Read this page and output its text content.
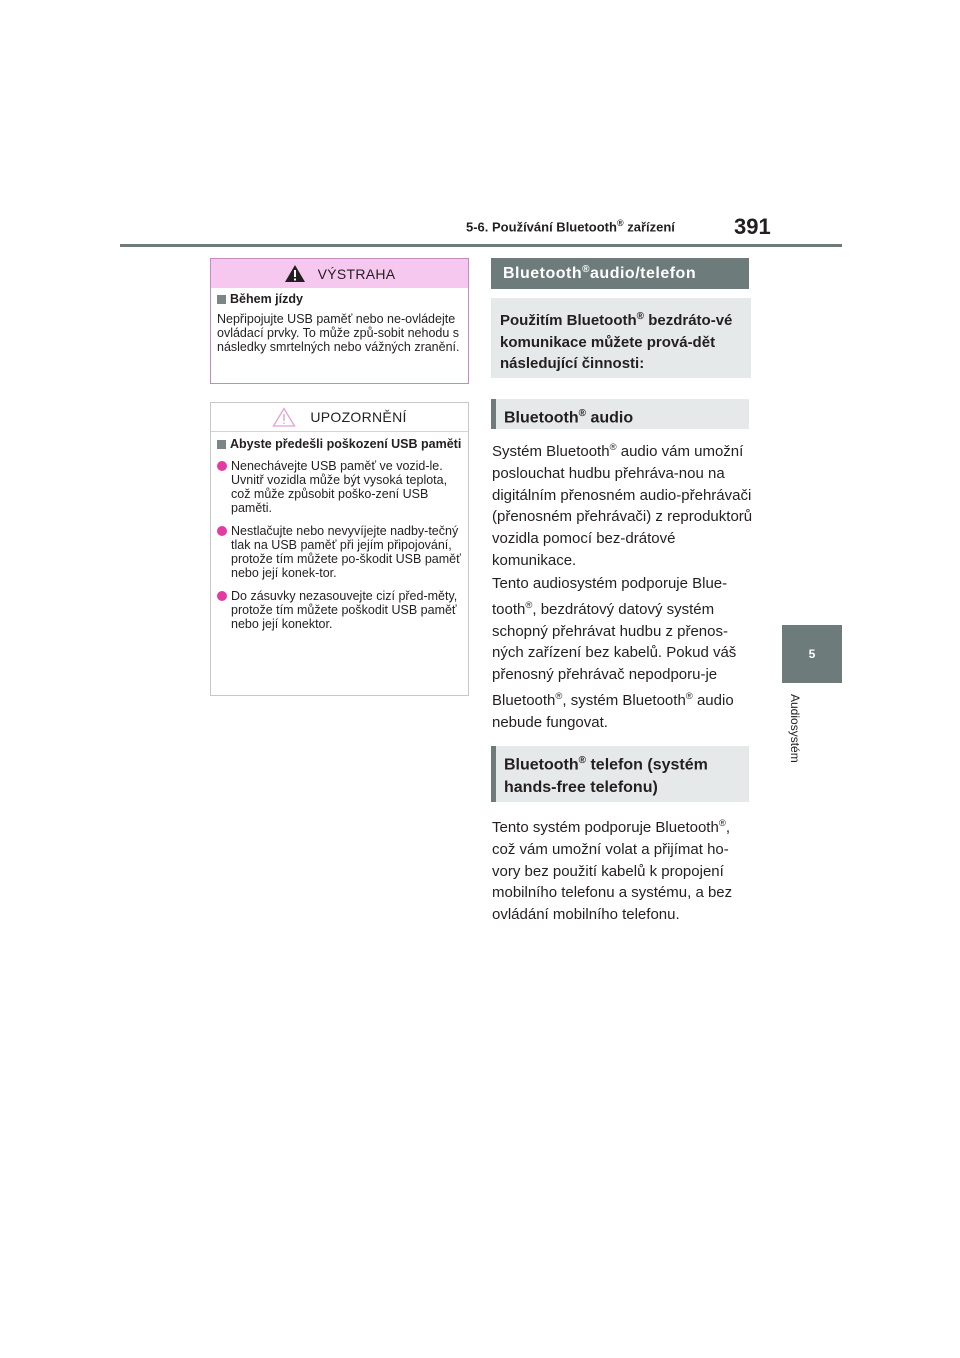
5-6. Používání Bluetooth® zařízení	391
5
Audiosystém
VÝSTRAHA
Během jízdy
Nepřipojujte USB paměť nebo ne-ovládejte ovládací prvky. To může způ-sobit nehodu s následky smrtelných nebo vážných zranění.
UPOZORNĚNÍ
Abyste předešli poškození USB paměti
Nenechávejte USB paměť ve vozid-le. Uvnitř vozidla může být vysoká teplota, což může způsobit poško-zení USB paměti.
Nestlačujte nebo nevyvíjejte nadby-tečný tlak na USB paměť při jejím připojování, protože tím můžete po-škodit USB paměť nebo její konek-tor.
Do zásuvky nezasouvejte cizí před-měty, protože tím můžete poškodit USB paměť nebo její konektor.
Bluetooth® audio/telefon
Použitím Bluetooth® bezdráto-vé komunikace můžete prová-dět následující činnosti:
Bluetooth® audio
Systém Bluetooth® audio vám umožní poslouchat hudbu přehráva-nou na digitálním přenosném audio-přehrávači (přenosném přehrávači) z reproduktorů vozidla pomocí bez-drátové komunikace.
Tento audiosystém podporuje Blue-tooth®, bezdrátový datový systém schopný přehrávat hudbu z přenos-ných zařízení bez kabelů. Pokud váš přenosný přehrávač nepodporu-je Bluetooth®, systém Bluetooth® audio nebude fungovat.
Bluetooth® telefon (systém hands-free telefonu)
Tento systém podporuje Bluetooth®, což vám umožní volat a přijímat ho-vory bez použití kabelů k propojení mobilního telefonu a systému, a bez ovládání mobilního telefonu.
